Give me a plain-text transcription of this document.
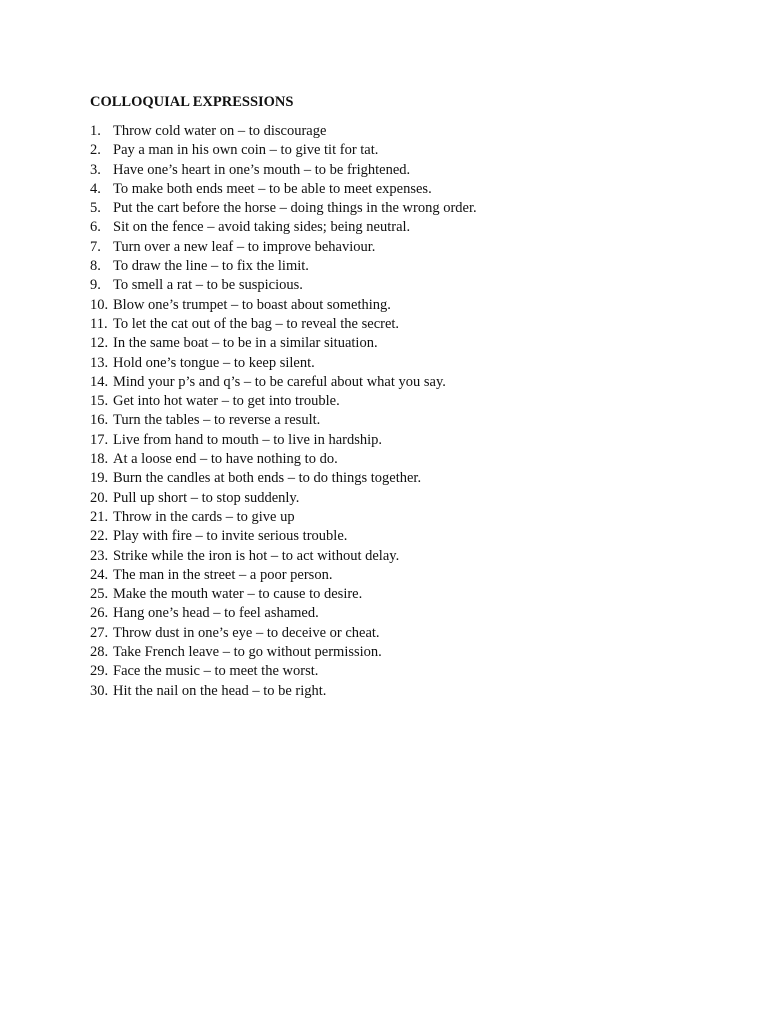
COLLOQUIAL EXPRESSIONS
1. Throw cold water on – to discourage
2. Pay a man in his own coin – to give tit for tat.
3. Have one’s heart in one’s mouth – to be frightened.
4. To make both ends meet – to be able to meet expenses.
5. Put the cart before the horse – doing things in the wrong order.
6. Sit on the fence – avoid taking sides; being neutral.
7. Turn over a new leaf – to improve behaviour.
8. To draw the line – to fix the limit.
9. To smell a rat – to be suspicious.
10. Blow one’s trumpet – to boast about something.
11. To let the cat out of the bag – to reveal the secret.
12. In the same boat – to be in a similar situation.
13. Hold one’s tongue – to keep silent.
14. Mind your p’s and q’s – to be careful about what you say.
15. Get into hot water – to get into trouble.
16. Turn the tables – to reverse a result.
17. Live from hand to mouth – to live in hardship.
18. At a loose end – to have nothing to do.
19. Burn the candles at both ends – to do things together.
20. Pull up short – to stop suddenly.
21. Throw in the cards – to give up
22. Play with fire – to invite serious trouble.
23. Strike while the iron is hot – to act without delay.
24. The man in the street – a poor person.
25. Make the mouth water – to cause to desire.
26. Hang one’s head – to feel ashamed.
27. Throw dust in one’s eye – to deceive or cheat.
28. Take French leave – to go without permission.
29. Face the music – to meet the worst.
30. Hit the nail on the head – to be right.
